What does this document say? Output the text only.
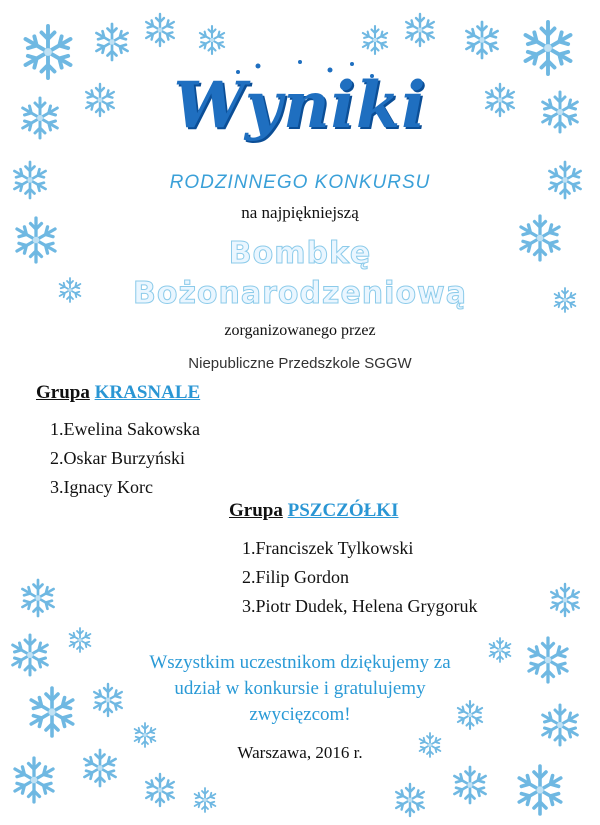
Wyniki
RODZINNEGO KONKURSU
na najpiękniejszą
Bombkę
Bożonarodzeniową
zorganizowanego przez
Niepubliczne Przedszkole SGGW
Grupa KRASNALE
1.Ewelina Sakowska
2.Oskar Burzyński
3.Ignacy Korc
Grupa PSZCZÓŁKI
1.Franciszek Tylkowski
2.Filip Gordon
3.Piotr Dudek, Helena Grygoruk
Wszystkim uczestnikom dziękujemy za
udział w konkursie i gratulujemy
zwycięzcom!
Warszawa, 2016 r.
